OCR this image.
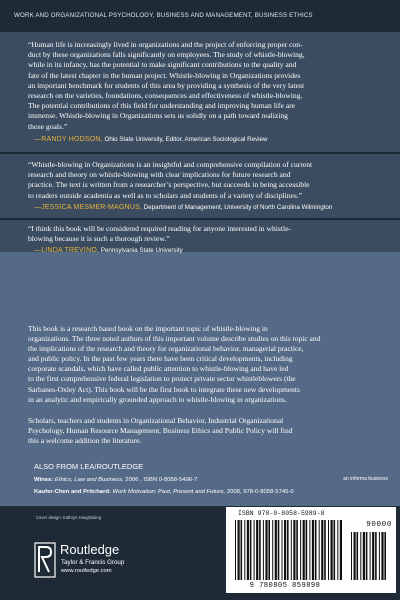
WORK AND ORGANIZATIONAL PSYCHOLOGY, BUSINESS AND MANAGEMENT, BUSINESS ETHICS
“Human life is increasingly lived in organizations and the project of enforcing proper con-
duct by these organizations falls significantly on employees. The study of whistle-blowing,
while in its infancy, has the potential to make significant contributions to the quality and
fate of the latest chapter in the human project. Whistle-blowing in Organizations provides
an important benchmark for students of this area by providing a synthesis of the very latest
research on the varieties, foundations, consequences and effectiveness of whistle-blowing.
The potential contributions of this field for understanding and improving human life are
immense. Whistle-blowing in Organizations sets us solidly on a path toward realizing
those goals.”
—RANDY HODSON, Ohio State University, Editor, American Sociological Review
“Whistle-blowing in Organizations is an insightful and comprehensive compilation of current
research and theory on whistle-blowing with clear implications for future research and
practice. The text is written from a researcher’s perspective, but succeeds in being accessible
to readers outside academia as well as to scholars and students of a variety of disciplines.”
—JESSICA MESMER-MAGNUS, Department of Management, University of North Carolina Wilmington
“I think this book will be considered required reading for anyone interested in whistle-
blowing because it is such a thorough review.”
—LINDA TREVINO, Pennsylvania State University
This book is a research based book on the important topic of whistle-blowing in
organizations. The three noted authors of this important volume describe studies on this topic and
the implications of the research and theory for organizational behavior, managerial practice,
and public policy. In the past few years there have been critical developments, including
corporate scandals, which have called public attention to whistle-blowing and have led
to the first comprehensive federal legislation to protect private sector whistleblowers (the
Sarbanes-Oxley Act). This book will be the first book to integrate these new developments
in an analytic and empirically grounded approach to whistle-blowing in organizations.
Scholars, teachers and students in Organizational Behavior, Industrial Organizational
Psychology, Human Resource Management, Business Ethics and Public Policy will find
this a welcome addition the literature.
ALSO FROM LEA/ROUTLEDGE
Wines: Ethics, Law and Business, 2006 , ISBN 0-8058-5496-7
Kaufer-Chen and Pritchard: Work Motivation: Past, Present and Future, 2008, 978-0-8058-5745-0
an informa business
Cover design: Kathryn Houghtaling
Routledge
Taylor & Francis Group
www.routledge.com
ISBN 978-0-8058-5989-8
90000
9 780805 859898
